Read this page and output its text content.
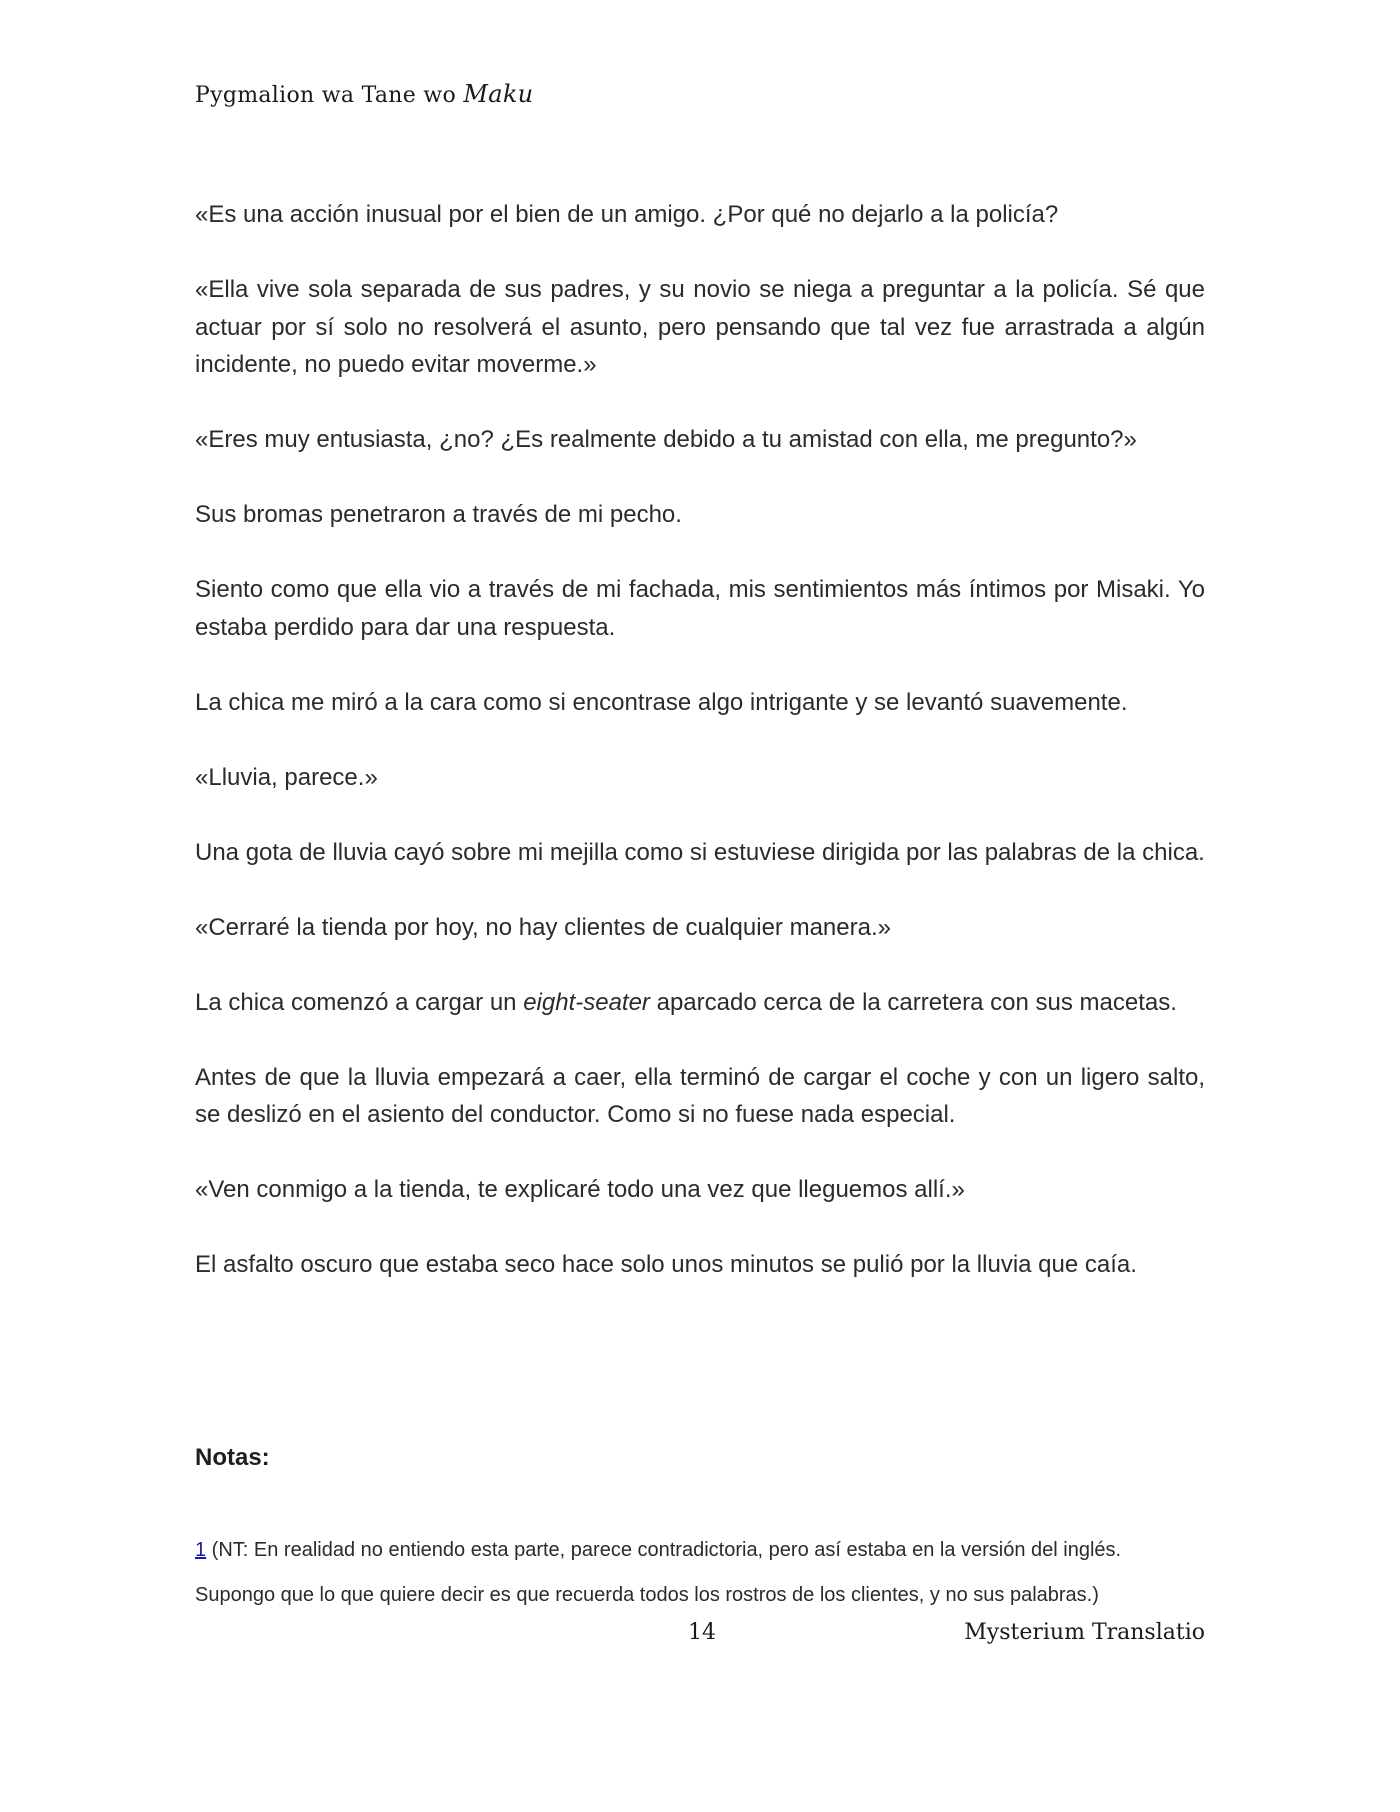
Pygmalion wa Tane wo Maku

«Es una acción inusual por el bien de un amigo. ¿Por qué no dejarlo a la policía?

«Ella vive sola separada de sus padres, y su novio se niega a preguntar a la policía. Sé que actuar por sí solo no resolverá el asunto, pero pensando que tal vez fue arrastrada a algún incidente, no puedo evitar moverme.»

«Eres muy entusiasta, ¿no? ¿Es realmente debido a tu amistad con ella, me pregunto?»

Sus bromas penetraron a través de mi pecho.

Siento como que ella vio a través de mi fachada, mis sentimientos más íntimos por Misaki. Yo estaba perdido para dar una respuesta.

La chica me miró a la cara como si encontrase algo intrigante y se levantó suavemente.

«Lluvia, parece.»

Una gota de lluvia cayó sobre mi mejilla como si estuviese dirigida por las palabras de la chica.

«Cerraré la tienda por hoy, no hay clientes de cualquier manera.»

La chica comenzó a cargar un eight-seater aparcado cerca de la carretera con sus macetas.

Antes de que la lluvia empezará a caer, ella terminó de cargar el coche y con un ligero salto, se deslizó en el asiento del conductor. Como si no fuese nada especial.

«Ven conmigo a la tienda, te explicaré todo una vez que lleguemos allí.»

El asfalto oscuro que estaba seco hace solo unos minutos se pulió por la lluvia que caía.

Notas:
1 (NT: En realidad no entiendo esta parte, parece contradictoria, pero así estaba en la versión del inglés. Supongo que lo que quiere decir es que recuerda todos los rostros de los clientes, y no sus palabras.)
14	Mysterium Translatio
